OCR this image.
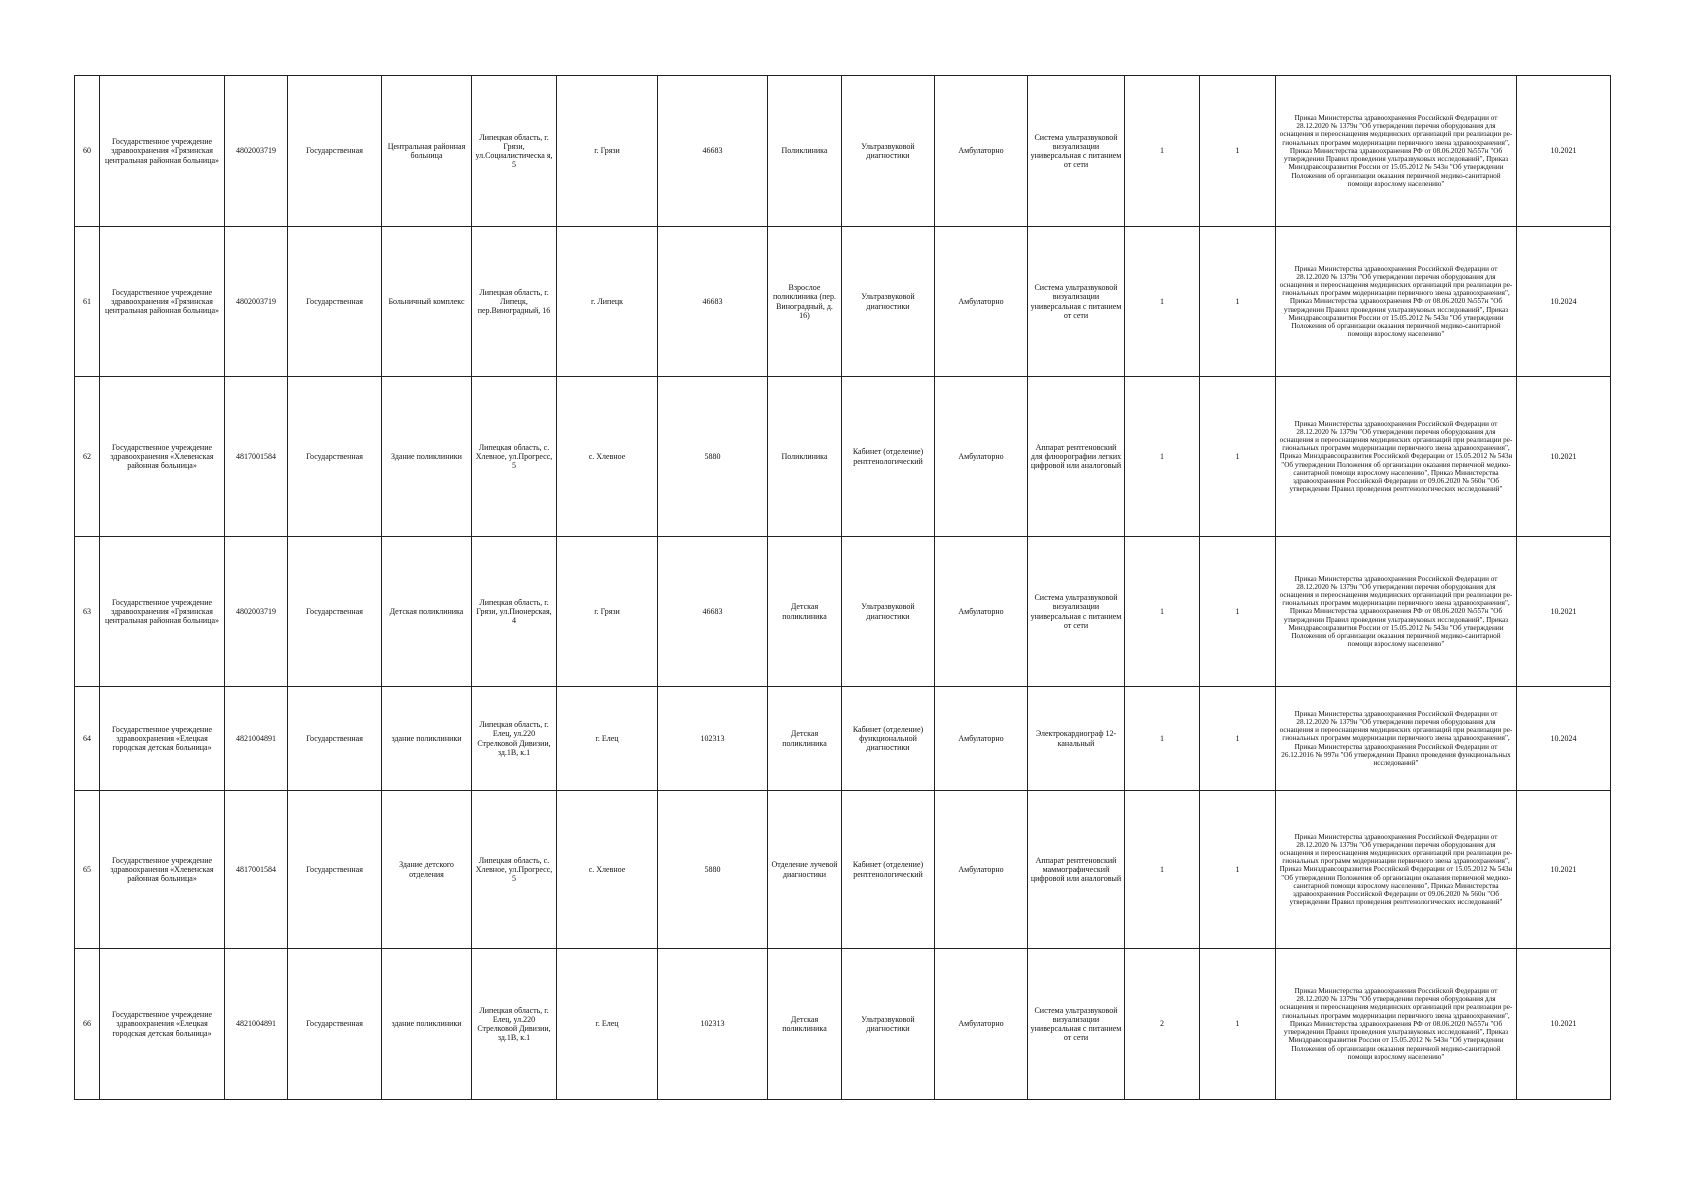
60	Государственное учреждение здравоохранения «Грязинская центральная районная больница»	4802003719	Государственная	Центральная районная больница	Липецкая область, г. Грязи, ул.Социалистическа я, 5	г. Грязи	46683	Поликлиника	Ультразвуковой диагностики	Амбулаторно	Система ультразвуковой визуализации универсальная с питанием от сети	1	1	Приказ Министерства здравоохранения Российской Федерации от 28.12.2020 № 1379н "Об утверждении перечня оборудования для оснащения и переоснащения медицинских организаций при реализации ре-гиональных программ модернизации первичного звена здравоохранения", Приказ Министерства здравоохранения РФ от 08.06.2020 №557н "Об утверждении Правил проведения ультразвуковых исследований", Приказ Минздравсоцразвития России от 15.05.2012 № 543н "Об утверждении Положения об организации оказания первичной медико-санитарной помощи взрослому населению"	10.2021
61	Государственное учреждение здравоохранения «Грязинская центральная районная больница»	4802003719	Государственная	Больничный комплекс	Липецкая область, г. Липецк, пер.Виноградный, 16	г. Липецк	46683	Взрослое поликлиника (пер. Виноградный, д. 16)	Ультразвуковой диагностики	Амбулаторно	Система ультразвуковой визуализации универсальная с питанием от сети	1	1	Приказ Министерства здравоохранения Российской Федерации от 28.12.2020 № 1379н "Об утверждении перечня оборудования для оснащения и переоснащения медицинских организаций при реализации ре-гиональных программ модернизации первичного звена здравоохранения", Приказ Министерства здравоохранения РФ от 08.06.2020 №557н "Об утверждении Правил проведения ультразвуковых исследований", Приказ Минздравсоцразвития России от 15.05.2012 № 543н "Об утверждении Положения об организации оказания первичной медико-санитарной помощи взрослому населению"	10.2024
62	Государственное учреждение здравоохранения «Хлевенская районная больница»	4817001584	Государственная	Здание поликлиники	Липецкая область, с. Хлевное, ул.Прогресс, 5	с. Хлевное	5880	Поликлиника	Кабинет (отделение) рентгенологический	Амбулаторно	Аппарат рентгеновский для флюорографии легких цифровой или аналоговый	1	1	Приказ Министерства здравоохранения Российской Федерации от 28.12.2020 № 1379н "Об утверждении перечня оборудования для оснащения и переоснащения медицинских организаций при реализации ре-гиональных программ модернизации первичного звена здравоохранения", Приказ Минздравсоцразвития Российской Федерации от 15.05.2012 № 543н "Об утверждении Положения об организации оказания первичной медико-санитарной помощи взрослому населению", Приказ Министерства здравоохранения Российской Федерации от 09.06.2020 № 560н "Об утверждении Правил проведения рентгенологических исследований"	10.2021
63	Государственное учреждение здравоохранения «Грязинская центральная районная больница»	4802003719	Государственная	Детская поликлиника	Липецкая область, г. Грязи, ул.Пионерская, 4	г. Грязи	46683	Детская поликлиника	Ультразвуковой диагностики	Амбулаторно	Система ультразвуковой визуализации универсальная с питанием от сети	1	1	Приказ Министерства здравоохранения Российской Федерации от 28.12.2020 № 1379н "Об утверждении перечня оборудования для оснащения и переоснащения медицинских организаций при реализации ре-гиональных программ модернизации первичного звена здравоохранения", Приказ Министерства здравоохранения РФ от 08.06.2020 №557н "Об утверждении Правил проведения ультразвуковых исследований", Приказ Минздравсоцразвития России от 15.05.2012 № 543н "Об утверждении Положения об организации оказания первичной медико-санитарной помощи взрослому населению"	10.2021
64	Государственное учреждение здравоохранения «Елецкая городская детская больница»	4821004891	Государственная	здание поликлиники	Липецкая область, г. Елец, ул.220 Стрелковой Дивизии, зд.1В, к.1	г. Елец	102313	Детская поликлиника	Кабинет (отделение) функциональной диагностики	Амбулаторно	Электрокардиограф 12-канальный	1	1	Приказ Министерства здравоохранения Российской Федерации от 28.12.2020 № 1379н "Об утверждении перечня оборудования для оснащения и переоснащения медицинских организаций при реализации ре-гиональных программ модернизации первичного звена здравоохранения", Приказ Министерства здравоохранения Российской Федерации от 26.12.2016 № 997н "Об утверждении Правил проведения функциональных исследований"	10.2024
65	Государственное учреждение здравоохранения «Хлевенская районная больница»	4817001584	Государственная	Здание детского отделения	Липецкая область, с. Хлевное, ул.Прогресс, 5	с. Хлевное	5880	Отделение лучевой диагностики	Кабинет (отделение) рентгенологический	Амбулаторно	Аппарат рентгеновский маммографический цифровой или аналоговый	1	1	Приказ Министерства здравоохранения Российской Федерации от 28.12.2020 № 1379н "Об утверждении перечня оборудования для оснащения и переоснащения медицинских организаций при реализации ре-гиональных программ модернизации первичного звена здравоохранения", Приказ Минздравсоцразвития Российской Федерации от 15.05.2012 № 543н "Об утверждении Положения об организации оказания первичной медико-санитарной помощи взрослому населению", Приказ Министерства здравоохранения Российской Федерации от 09.06.2020 № 560н "Об утверждении Правил проведения рентгенологических исследований"	10.2021
66	Государственное учреждение здравоохранения «Елецкая городская детская больница»	4821004891	Государственная	здание поликлиники	Липецкая область, г. Елец, ул.220 Стрелковой Дивизии, зд.1В, к.1	г. Елец	102313	Детская поликлиника	Ультразвуковой диагностики	Амбулаторно	Система ультразвуковой визуализации универсальная с питанием от сети	2	1	Приказ Министерства здравоохранения Российской Федерации от 28.12.2020 № 1379н "Об утверждении перечня оборудования для оснащения и переоснащения медицинских организаций при реализации ре-гиональных программ модернизации первичного звена здравоохранения", Приказ Министерства здравоохранения РФ от 08.06.2020 №557н "Об утверждении Правил проведения ультразвуковых исследований", Приказ Минздравсоцразвития России от 15.05.2012 № 543н "Об утверждении Положения об организации оказания первичной медико-санитарной помощи взрослому населению"	10.2021
